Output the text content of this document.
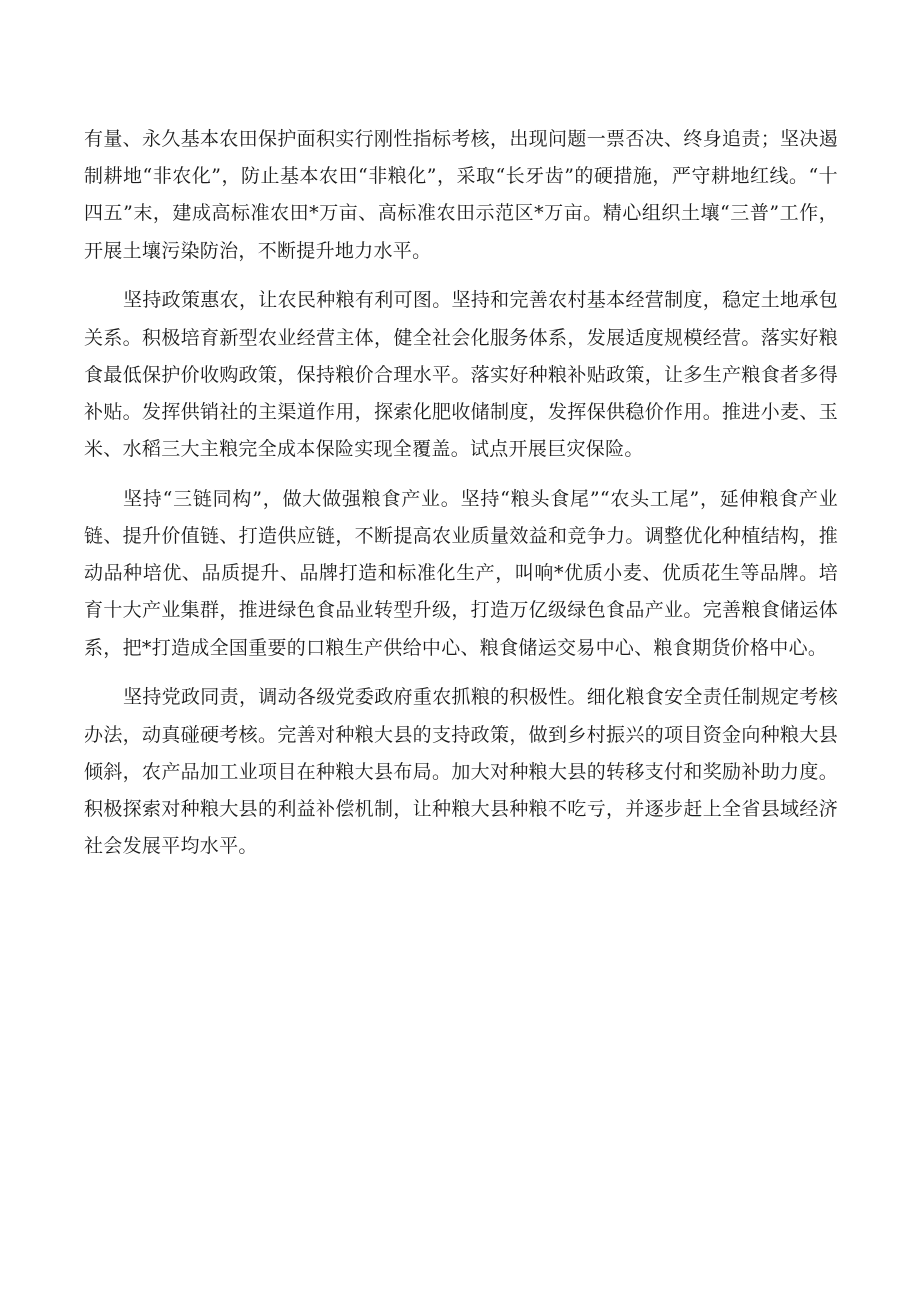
有量、永久基本农田保护面积实行刚性指标考核，出现问题一票否决、终身追责；坚决遏制耕地“非农化”，防止基本农田“非粮化”，采取“长牙齿”的硬措施，严守耕地红线。“十四五”末，建成高标准农田*万亩、高标准农田示范区*万亩。精心组织土壤“三普”工作，开展土壤污染防治，不断提升地力水平。

坚持政策惠农，让农民种粮有利可图。坚持和完善农村基本经营制度，稳定土地承包关系。积极培育新型农业经营主体，健全社会化服务体系，发展适度规模经营。落实好粮食最低保护价收购政策，保持粮价合理水平。落实好种粮补贴政策，让多生产粮食者多得补贴。发挥供销社的主渠道作用，探索化肥收储制度，发挥保供稳价作用。推进小麦、玉米、水稻三大主粮完全成本保险实现全覆盖。试点开展巨灾保险。

坚持“三链同构”，做大做强粮食产业。坚持“粮头食尾”“农头工尾”，延伸粮食产业链、提升价值链、打造供应链，不断提高农业质量效益和竞争力。调整优化种植结构，推动品种培优、品质提升、品牌打造和标准化生产，叫响*优质小麦、优质花生等品牌。培育十大产业集群，推进绿色食品业转型升级，打造万亿级绿色食品产业。完善粮食储运体系，把*打造成全国重要的口粮生产供给中心、粮食储运交易中心、粮食期货价格中心。

坚持党政同责，调动各级党委政府重农抓粮的积极性。细化粮食安全责任制规定考核办法，动真碰硬考核。完善对种粮大县的支持政策，做到乡村振兴的项目资金向种粮大县倾斜，农产品加工业项目在种粮大县布局。加大对种粮大县的转移支付和奖励补助力度。积极探索对种粮大县的利益补偿机制，让种粮大县种粮不吃亏，并逐步赶上全省县域经济社会发展平均水平。
